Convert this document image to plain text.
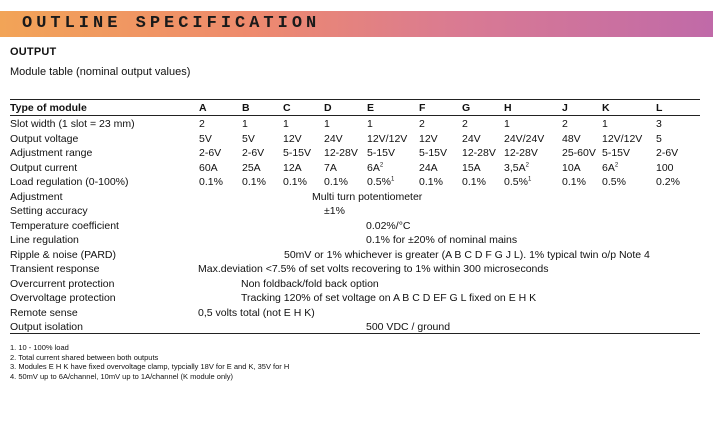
OUTLINE SPECIFICATION
OUTPUT
Module table (nominal output values)
Type of module	A	B	C	D	E	F	G	H	J	K	L
Slot width (1 slot = 23 mm)	2	1	1	1	1	2	2	1	2	1	3
Output voltage	5V	5V	12V 24V 12V/12V 12V 24V 24V/24V 48V 12V/12V 5
Adjustment range	2-6V 2-6V 5-15V 12-28V 5-15V 5-15V 12-28V 12-28V 25-60V 5-15V 2-6V
Output current	60A 25A 12A 7A	$6A^2$	24A 15A $3,5A^2$	10A $6A^2$	100
Load regulation (0-100%)	0.1% 0.1% 0.1% 0.1% 0.5%$^1$ 0.1% 0.1% 0.5%$^1$	0.1% 0.5%	0.2%
Adjustment	Multi turn potentiometer
Setting accuracy	±1%
Temperature coefficient	0.02%/°C
Line regulation	0.1% for ±20% of nominal mains
Ripple & noise (PARD)	50mV or 1% whichever is greater (A B C D F G J L). 1% typical twin o/p Note 4
Transient response	Max.deviation <7.5% of set volts recovering to 1% within 300 microseconds
Overcurrent protection	Non foldback/fold back option
Overvoltage protection	Tracking 120% of set voltage on A B C D EF G L fixed on E H K
Remote sense	0,5 volts total (not E H K)
Output isolation	500 VDC / ground
1. 10 - 100% load
2. Total current shared between both outputs
3. Modules E H K have fixed overvoltage clamp, typcially 18V for E and K, 35V for H
4. 50mV up to 6A/channel, 10mV up to 1A/channel (K module only)
